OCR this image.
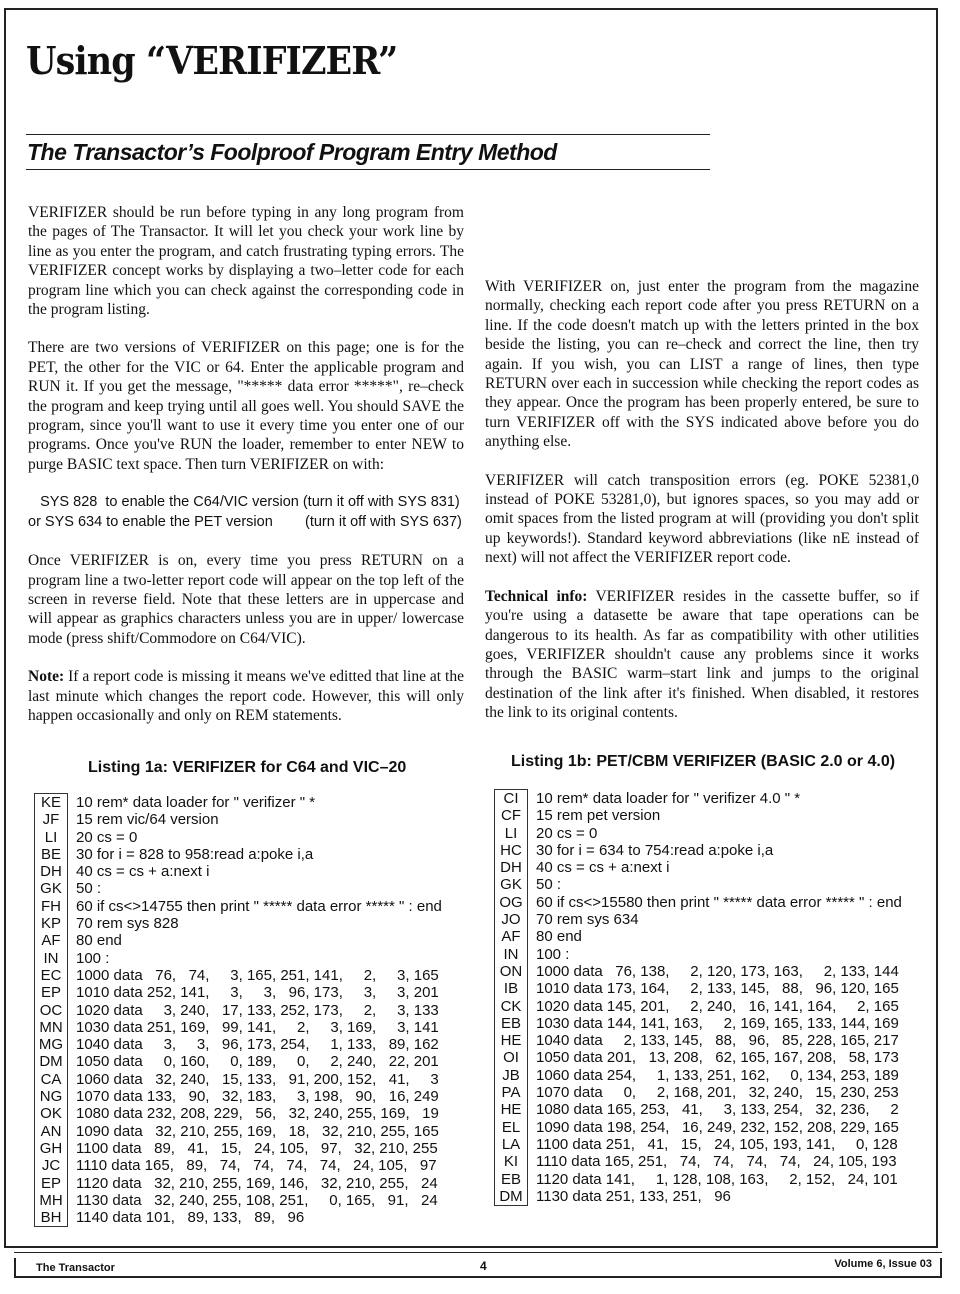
Using “VERIFIZER”
The Transactor’s Foolproof Program Entry Method

VERIFIZER should be run before typing in any long program from the pages of The Transactor. It will let you check your work line by line as you enter the program, and catch frustrating typing errors. The VERIFIZER concept works by displaying a two–letter code for each program line which you can check against the corresponding code in the program listing.

There are two versions of VERIFIZER on this page; one is for the PET, the other for the VIC or 64. Enter the applicable program and RUN it. If you get the message, "***** data error *****", re–check the program and keep trying until all goes well. You should SAVE the program, since you'll want to use it every time you enter one of our programs. Once you've RUN the loader, remember to enter NEW to purge BASIC text space. Then turn VERIFIZER on with:

SYS 828  to enable the C64/VIC version (turn it off with SYS 831)
or SYS 634 to enable the PET version        (turn it off with SYS 637)

Once VERIFIZER is on, every time you press RETURN on a program line a two-letter report code will appear on the top left of the screen in reverse field. Note that these letters are in uppercase and will appear as graphics characters unless you are in upper/ lowercase mode (press shift/Commodore on C64/VIC).

Note: If a report code is missing it means we've editted that line at the last minute which changes the report code. However, this will only happen occasionally and only on REM statements.

With VERIFIZER on, just enter the program from the magazine normally, checking each report code after you press RETURN on a line. If the code doesn't match up with the letters printed in the box beside the listing, you can re–check and correct the line, then try again. If you wish, you can LIST a range of lines, then type RETURN over each in succession while checking the report codes as they appear. Once the program has been properly entered, be sure to turn VERIFIZER off with the SYS indicated above before you do anything else.

VERIFIZER will catch transposition errors (eg. POKE 52381,0 instead of POKE 53281,0), but ignores spaces, so you may add or omit spaces from the listed program at will (providing you don't split up keywords!). Standard keyword abbreviations (like nE instead of next) will not affect the VERIFIZER report code.

Technical info: VERIFIZER resides in the cassette buffer, so if you're using a datasette be aware that tape operations can be dangerous to its health. As far as compatibility with other utilities goes, VERIFIZER shouldn't cause any problems since it works through the BASIC warm–start link and jumps to the original destination of the link after it's finished. When disabled, it restores the link to its original contents.

Listing 1a: VERIFIZER for C64 and VIC–20
KE	10 rem* data loader for " verifizer " *
JF	15 rem vic/64 version
LI	20 cs = 0
BE	30 for i = 828 to 958:read a:poke i,a
DH	40 cs = cs + a:next i
GK	50 :
FH	60 if cs<>14755 then print " ***** data error ***** " : end
KP	70 rem sys 828
AF	80 end
IN	100 :
EC	1000 data   76,   74,     3, 165, 251, 141,     2,     3, 165
EP	1010 data 252, 141,     3,     3,   96, 173,     3,     3, 201
OC	1020 data     3, 240,   17, 133, 252, 173,     2,     3, 133
MN	1030 data 251, 169,   99, 141,     2,     3, 169,     3, 141
MG	1040 data     3,     3,   96, 173, 254,     1, 133,   89, 162
DM	1050 data     0, 160,     0, 189,     0,     2, 240,   22, 201
CA	1060 data   32, 240,   15, 133,   91, 200, 152,   41,     3
NG	1070 data 133,   90,   32, 183,     3, 198,   90,   16, 249
OK	1080 data 232, 208, 229,   56,   32, 240, 255, 169,   19
AN	1090 data   32, 210, 255, 169,   18,   32, 210, 255, 165
GH	1100 data   89,   41,   15,   24, 105,   97,   32, 210, 255
JC	1110 data 165,   89,   74,   74,   74,   74,   24, 105,   97
EP	1120 data   32, 210, 255, 169, 146,   32, 210, 255,   24
MH	1130 data   32, 240, 255, 108, 251,     0, 165,   91,   24
BH	1140 data 101,   89, 133,   89,   96
Listing 1b: PET/CBM VERIFIZER (BASIC 2.0 or 4.0)
CI	10 rem* data loader for " verifizer 4.0 " *
CF	15 rem pet version
LI	20 cs = 0
HC	30 for i = 634 to 754:read a:poke i,a
DH	40 cs = cs + a:next i
GK	50 :
OG	60 if cs<>15580 then print " ***** data error ***** " : end
JO	70 rem sys 634
AF	80 end
IN	100 :
ON	1000 data   76, 138,     2, 120, 173, 163,     2, 133, 144
IB	1010 data 173, 164,     2, 133, 145,   88,   96, 120, 165
CK	1020 data 145, 201,     2, 240,   16, 141, 164,     2, 165
EB	1030 data 144, 141, 163,     2, 169, 165, 133, 144, 169
HE	1040 data     2, 133, 145,   88,   96,   85, 228, 165, 217
OI	1050 data 201,   13, 208,   62, 165, 167, 208,   58, 173
JB	1060 data 254,     1, 133, 251, 162,     0, 134, 253, 189
PA	1070 data     0,     2, 168, 201,   32, 240,   15, 230, 253
HE	1080 data 165, 253,   41,     3, 133, 254,   32, 236,     2
EL	1090 data 198, 254,   16, 249, 232, 152, 208, 229, 165
LA	1100 data 251,   41,   15,   24, 105, 193, 141,     0, 128
KI	1110 data 165, 251,   74,   74,   74,   74,   24, 105, 193
EB	1120 data 141,     1, 128, 108, 163,     2, 152,   24, 101
DM	1130 data 251, 133, 251,   96
The Transactor	4	Volume 6, Issue 03
